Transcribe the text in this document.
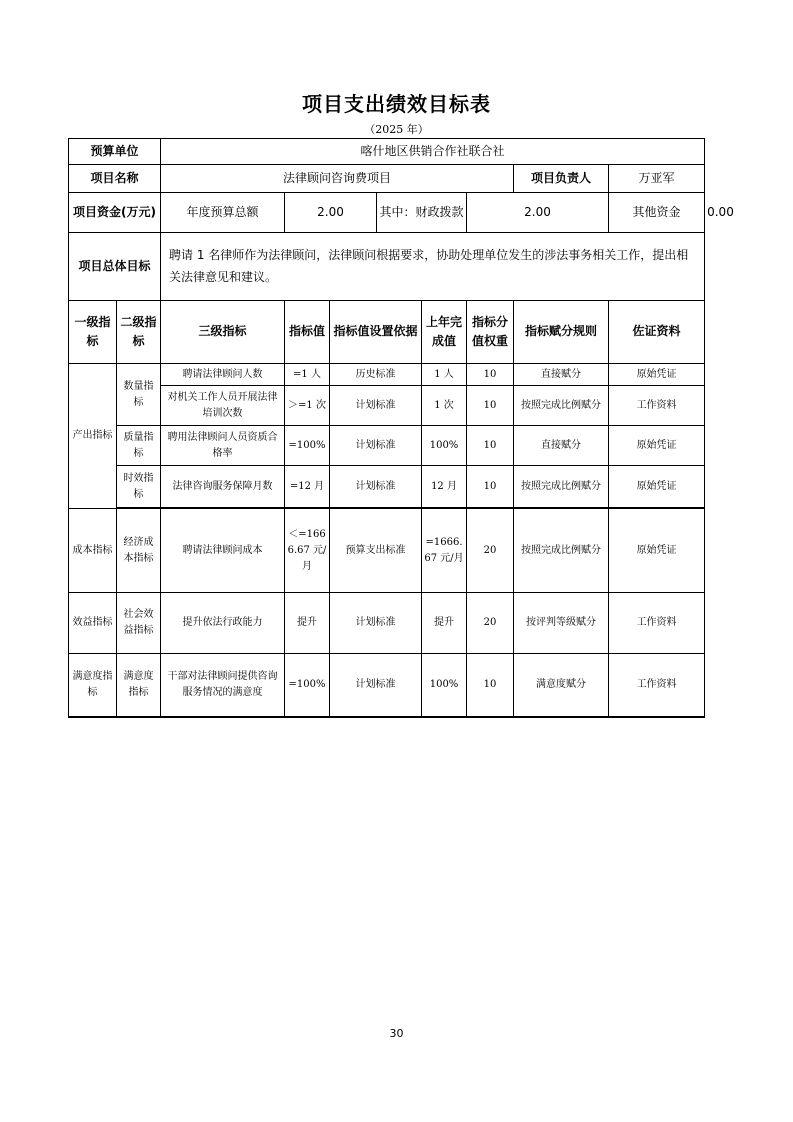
项目支出绩效目标表
（2025 年）
预算单位		喀什地区供销合作社联合社								
项目名称		法律顾问咨询费项目						项目负责人	万亚军	
项目资金(万元)		年度预算总额	2.00		其中：财政拨款		2.00		其他资金	0.00
项目总体目标		聘请 1 名律师作为法律顾问，法律顾问根据要求，协助处理单位发生的涉法事务相关工作，提出相关法律意见和建议。								
一级指标	二级指标	三级指标	指标值	指标值设置依据		上年完成值	指标分值权重	指标赋分规则	佐证资料	
产出指标	数量指标	聘请法律顾问人数	=1 人	历史标准		1 人	10	直接赋分	原始凭证	
		对机关工作人员开展法律培训次数	＞=1 次	计划标准		1 次	10	按照完成比例赋分	工作资料	
	质量指标	聘用法律顾问人员资质合格率	=100%	计划标准		100%	10	直接赋分	原始凭证	
	时效指标	法律咨询服务保障月数	=12 月	计划标准		12 月	10	按照完成比例赋分	原始凭证	

成本指标	经济成本指标	聘请法律顾问成本	＜=1666.67 元/月	预算支出标准		=1666.67 元/月	20	按照完成比例赋分	原始凭证	
效益指标	社会效益指标	提升依法行政能力	提升	计划标准		提升	20	按评判等级赋分	工作资料	
满意度指标	满意度指标	干部对法律顾问提供咨询服务情况的满意度	=100%	计划标准		100%	10	满意度赋分	工作资料	
30
